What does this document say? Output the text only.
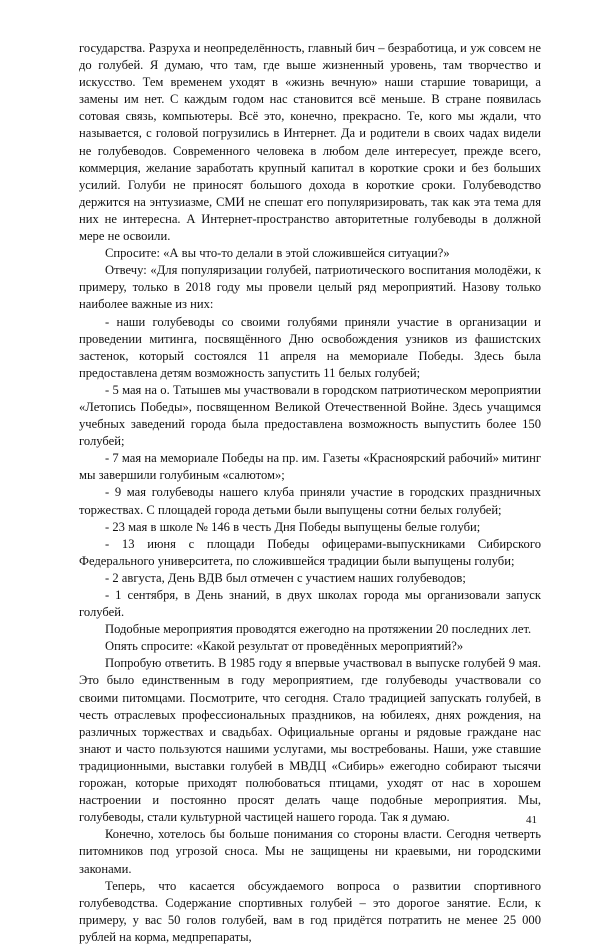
государства. Разруха и неопределённость, главный бич – безработица, и уж совсем не до голубей. Я думаю, что там, где выше жизненный уровень, там творчество и искусство. Тем временем уходят в «жизнь вечную» наши старшие товарищи, а замены им нет. С каждым годом нас становится всё меньше. В стране появилась сотовая связь, компьютеры. Всё это, конечно, прекрасно. Те, кого мы ждали, что называется, с головой погрузились в Интернет. Да и родители в своих чадах видели не голубеводов. Современного человека в любом деле интересует, прежде всего, коммерция, желание заработать крупный капитал в короткие сроки и без больших усилий. Голуби не приносят большого дохода в короткие сроки. Голубеводство держится на энтузиазме, СМИ не спешат его популяризировать, так как эта тема для них не интересна. А Интернет-пространство авторитетные голубеводы в должной мере не освоили.

Спросите: «А вы что-то делали в этой сложившейся ситуации?»

Отвечу: «Для популяризации голубей, патриотического воспитания молодёжи, к примеру, только в 2018 году мы провели целый ряд мероприятий. Назову только наиболее важные из них:

- наши голубеводы со своими голубями приняли участие в организации и проведении митинга, посвящённого Дню освобождения узников из фашистских застенок, который состоялся 11 апреля на мемориале Победы. Здесь была предоставлена детям возможность запустить 11 белых голубей;

- 5 мая на о. Татышев мы участвовали в городском патриотическом мероприятии «Летопись Победы», посвященном Великой Отечественной Войне. Здесь учащимся учебных заведений города была предоставлена возможность выпустить более 150 голубей;

- 7 мая на мемориале Победы на пр. им. Газеты «Красноярский рабочий» митинг мы завершили голубиным «салютом»;

- 9 мая голубеводы нашего клуба приняли участие в городских праздничных торжествах. С площадей города детьми были выпущены сотни белых голубей;

- 23 мая в школе № 146 в честь Дня Победы выпущены белые голуби;

- 13 июня с площади Победы офицерами-выпускниками Сибирского Федерального университета, по сложившейся традиции были выпущены голуби;

- 2 августа, День ВДВ был отмечен с участием наших голубеводов;

- 1 сентября, в День знаний, в двух школах города мы организовали запуск голубей.

Подобные мероприятия проводятся ежегодно на протяжении 20 последних лет.

Опять спросите: «Какой результат от проведённых мероприятий?»

Попробую ответить. В 1985 году я впервые участвовал в выпуске голубей 9 мая. Это было единственным в году мероприятием, где голубеводы участвовали со своими питомцами. Посмотрите, что сегодня. Стало традицией запускать голубей, в честь отраслевых профессиональных праздников, на юбилеях, днях рождения, на различных торжествах и свадьбах. Официальные органы и рядовые граждане нас знают и часто пользуются нашими услугами, мы востребованы. Наши, уже ставшие традиционными, выставки голубей в МВДЦ «Сибирь» ежегодно собирают тысячи горожан, которые приходят полюбоваться птицами, уходят от нас в хорошем настроении и постоянно просят делать чаще подобные мероприятия. Мы, голубеводы, стали культурной частицей нашего города. Так я думаю.

Конечно, хотелось бы больше понимания со стороны власти. Сегодня четверть питомников под угрозой сноса. Мы не защищены ни краевыми, ни городскими законами.

Теперь, что касается обсуждаемого вопроса о развитии спортивного голубеводства. Содержание спортивных голубей – это дорогое занятие. Если, к примеру, у вас 50 голов голубей, вам в год придётся потратить не менее 25 000 рублей на корма, медпрепараты,

41
